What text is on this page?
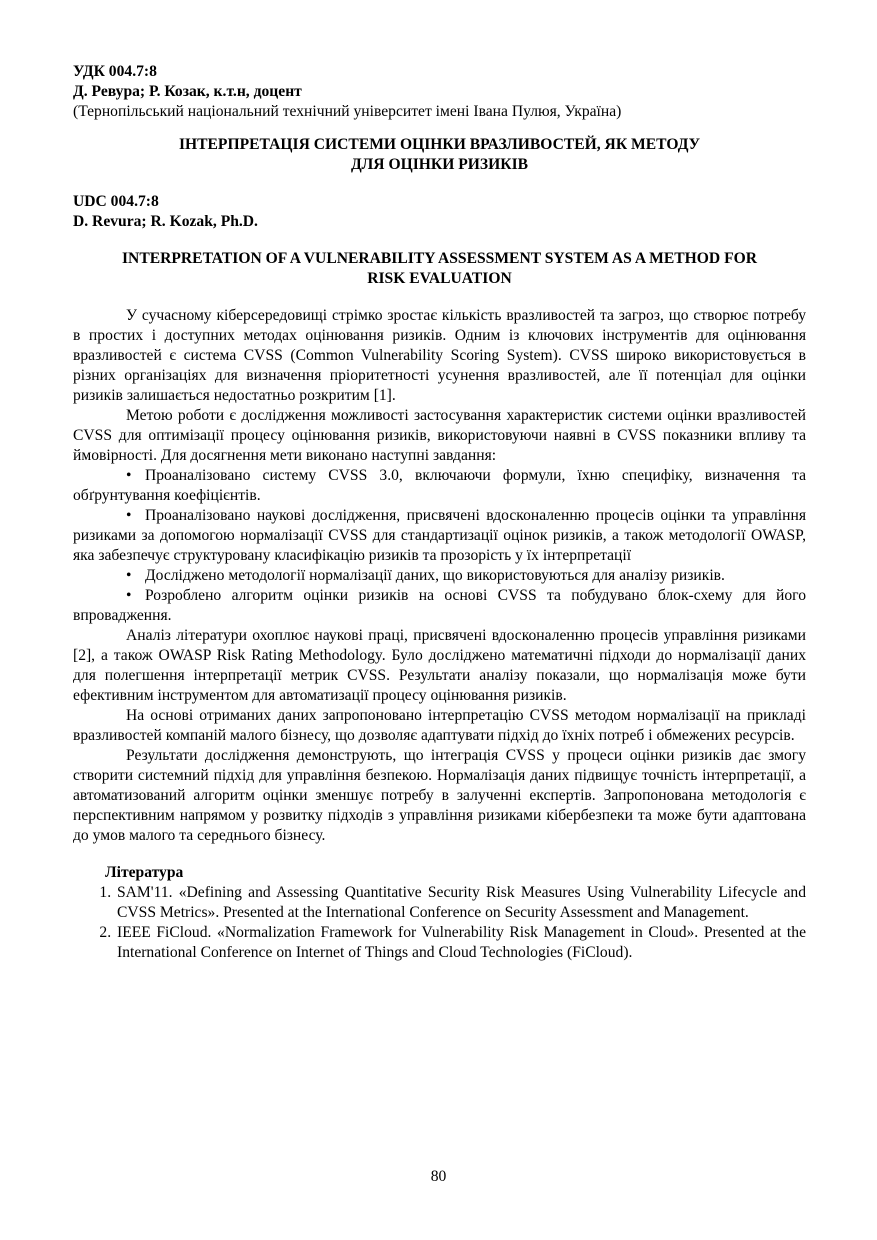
УДК 004.7:8
Д. Ревура; Р. Козак, к.т.н, доцент
(Тернопільський національний технічний університет імені Івана Пулюя, Україна)
ІНТЕРПРЕТАЦІЯ СИСТЕМИ ОЦІНКИ ВРАЗЛИВОСТЕЙ, ЯК МЕТОДУ
ДЛЯ ОЦІНКИ РИЗИКІВ
UDC 004.7:8
D. Revura; R. Kozak, Ph.D.
INTERPRETATION OF A VULNERABILITY ASSESSMENT SYSTEM AS A METHOD FOR
RISK EVALUATION
У сучасному кіберсередовищі стрімко зростає кількість вразливостей та загроз, що створює потребу в простих і доступних методах оцінювання ризиків. Одним із ключових інструментів для оцінювання вразливостей є система CVSS (Common Vulnerability Scoring System). CVSS широко використовується в різних організаціях для визначення пріоритетності усунення вразливостей, але її потенціал для оцінки ризиків залишається недостатньо розкритим [1].
Метою роботи є дослідження можливості застосування характеристик системи оцінки вразливостей CVSS для оптимізації процесу оцінювання ризиків, використовуючи наявні в CVSS показники впливу та ймовірності. Для досягнення мети виконано наступні завдання:
• Проаналізовано систему CVSS 3.0, включаючи формули, їхню специфіку, визначення та обґрунтування коефіцієнтів.
• Проаналізовано наукові дослідження, присвячені вдосконаленню процесів оцінки та управління ризиками за допомогою нормалізації CVSS для стандартизації оцінок ризиків, а також методології OWASP, яка забезпечує структуровану класифікацію ризиків та прозорість у їх інтерпретації
• Досліджено методології нормалізації даних, що використовуються для аналізу ризиків.
• Розроблено алгоритм оцінки ризиків на основі CVSS та побудувано блок-схему для його впровадження.
Аналіз літератури охоплює наукові праці, присвячені вдосконаленню процесів управління ризиками [2], а також OWASP Risk Rating Methodology. Було досліджено математичні підходи до нормалізації даних для полегшення інтерпретації метрик CVSS. Результати аналізу показали, що нормалізація може бути ефективним інструментом для автоматизації процесу оцінювання ризиків.
На основі отриманих даних запропоновано інтерпретацію CVSS методом нормалізації на прикладі вразливостей компаній малого бізнесу, що дозволяє адаптувати підхід до їхніх потреб і обмежених ресурсів.
Результати дослідження демонструють, що інтеграція CVSS у процеси оцінки ризиків дає змогу створити системний підхід для управління безпекою. Нормалізація даних підвищує точність інтерпретації, а автоматизований алгоритм оцінки зменшує потребу в залученні експертів. Запропонована методологія є перспективним напрямом у розвитку підходів з управління ризиками кібербезпеки та може бути адаптована до умов малого та середнього бізнесу.
Література
1. SAM'11. «Defining and Assessing Quantitative Security Risk Measures Using Vulnerability Lifecycle and CVSS Metrics». Presented at the International Conference on Security Assessment and Management.
2. IEEE FiCloud. «Normalization Framework for Vulnerability Risk Management in Cloud». Presented at the International Conference on Internet of Things and Cloud Technologies (FiCloud).
80
